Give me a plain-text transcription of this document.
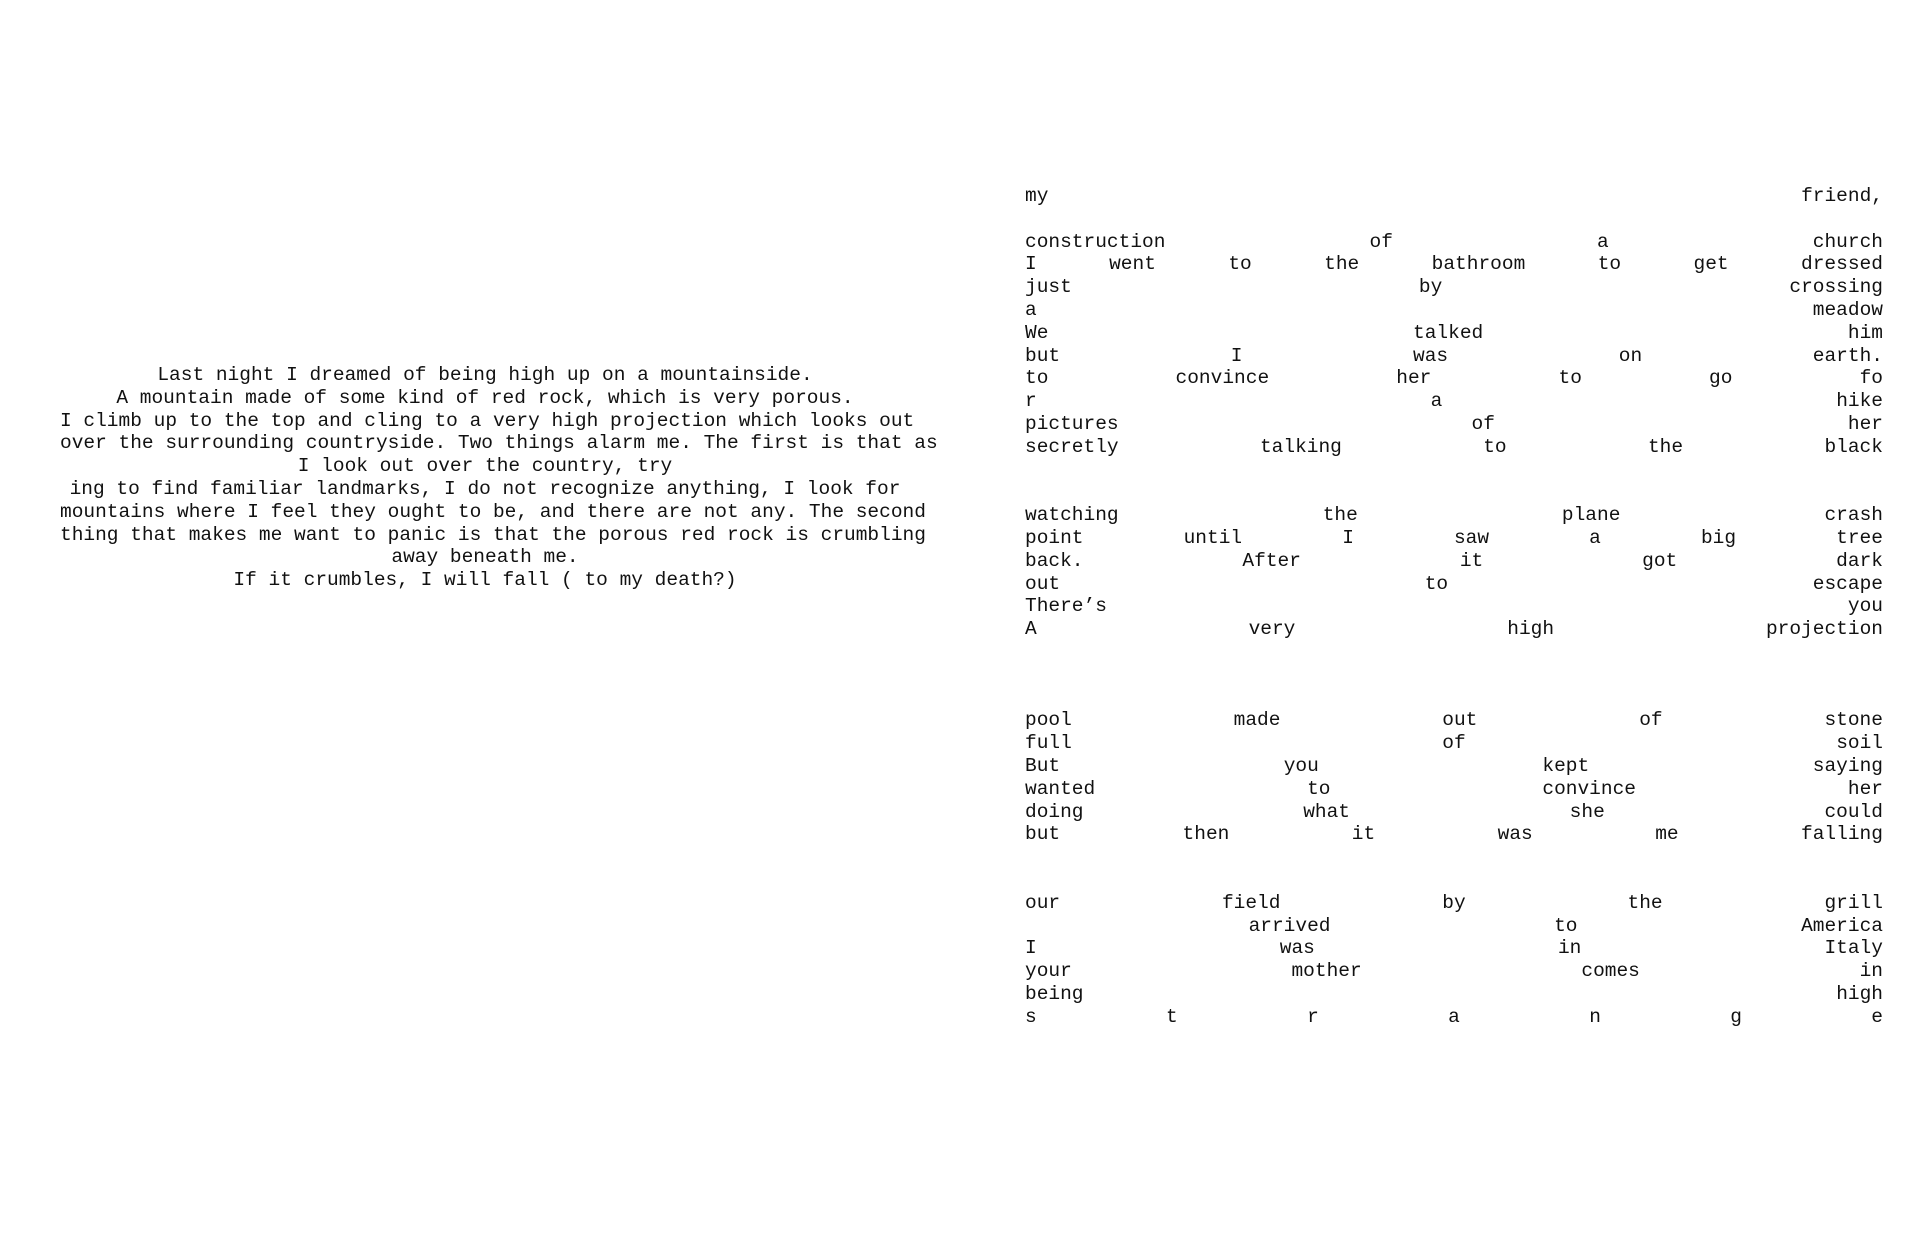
Last night I dreamed of being high up on a mountainside.
A mountain made of some kind of red rock, which is very porous.
I climb up to the top and cling to a very high projection which looks out
over the surrounding countryside. Two things alarm me. The first is that as
I look out over the country, try
ing to find familiar landmarks, I do not recognize anything, I look for
mountains where I feel they ought to be, and there are not any. The second
thing that makes me want to panic is that the porous red rock is crumbling
away beneath me.
If it crumbles, I will fall ( to my death?)
my	friend,
construction	of	a	church
I	went	to	the	bathroom	to	get	dressed
just	by	crossing
a	meadow
We	talked	him
but	I	was	on	earth.
to	convince	her	to	go	fo
r	a	hike
pictures	of	her
secretly	talking	to	the	black
watching	the	plane	crash
point	until	I	saw	a	big	tree
back.	After	it	got	dark
out	to	escape
There’s	you
A	very	high	projection
pool	made	out	of	stone
full	of	soil
But	you	kept	saying
wanted	to	convince	her
doing	what	she	could
but	then	it	was	me	falling
our	field	by	the	grill
arrived	to	America
I	was	in	Italy
your	mother	comes	in
being	high
s	t	r	a	n	g	e
